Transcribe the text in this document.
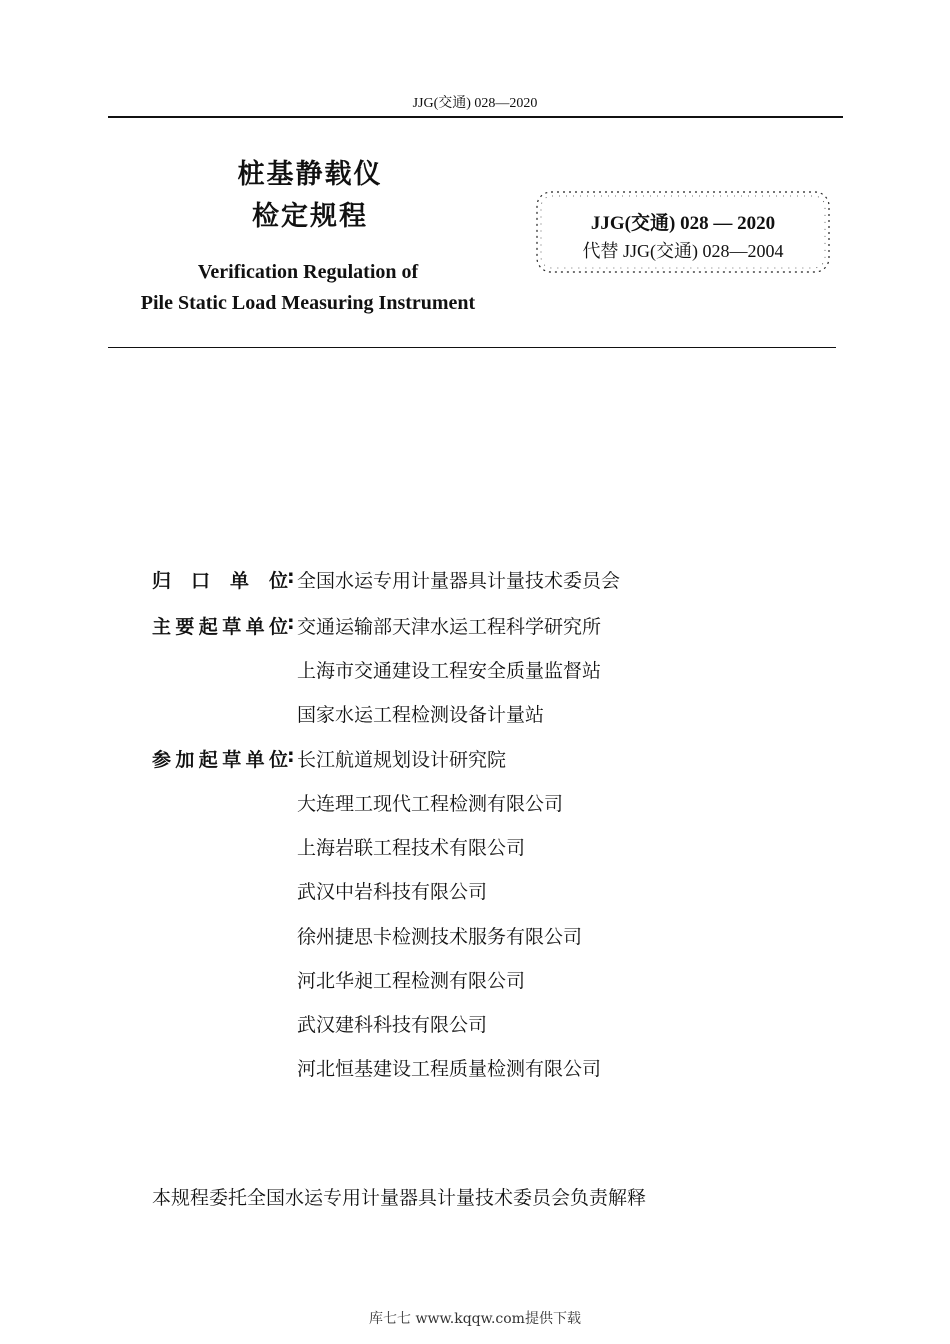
JJG(交通) 028—2020
桩基静载仪
检定规程
Verification Regulation of
Pile Static Load Measuring Instrument
JJG(交通) 028 — 2020
代替 JJG(交通) 028—2004
归口单位 : 全国水运专用计量器具计量技术委员会
主要起草单位 : 交通运输部天津水运工程科学研究所
上海市交通建设工程安全质量监督站
国家水运工程检测设备计量站
参加起草单位 : 长江航道规划设计研究院
大连理工现代工程检测有限公司
上海岩联工程技术有限公司
武汉中岩科技有限公司
徐州捷思卡检测技术服务有限公司
河北华昶工程检测有限公司
武汉建科科技有限公司
河北恒基建设工程质量检测有限公司
本规程委托全国水运专用计量器具计量技术委员会负责解释
库七七 www.kqqw.com提供下载
